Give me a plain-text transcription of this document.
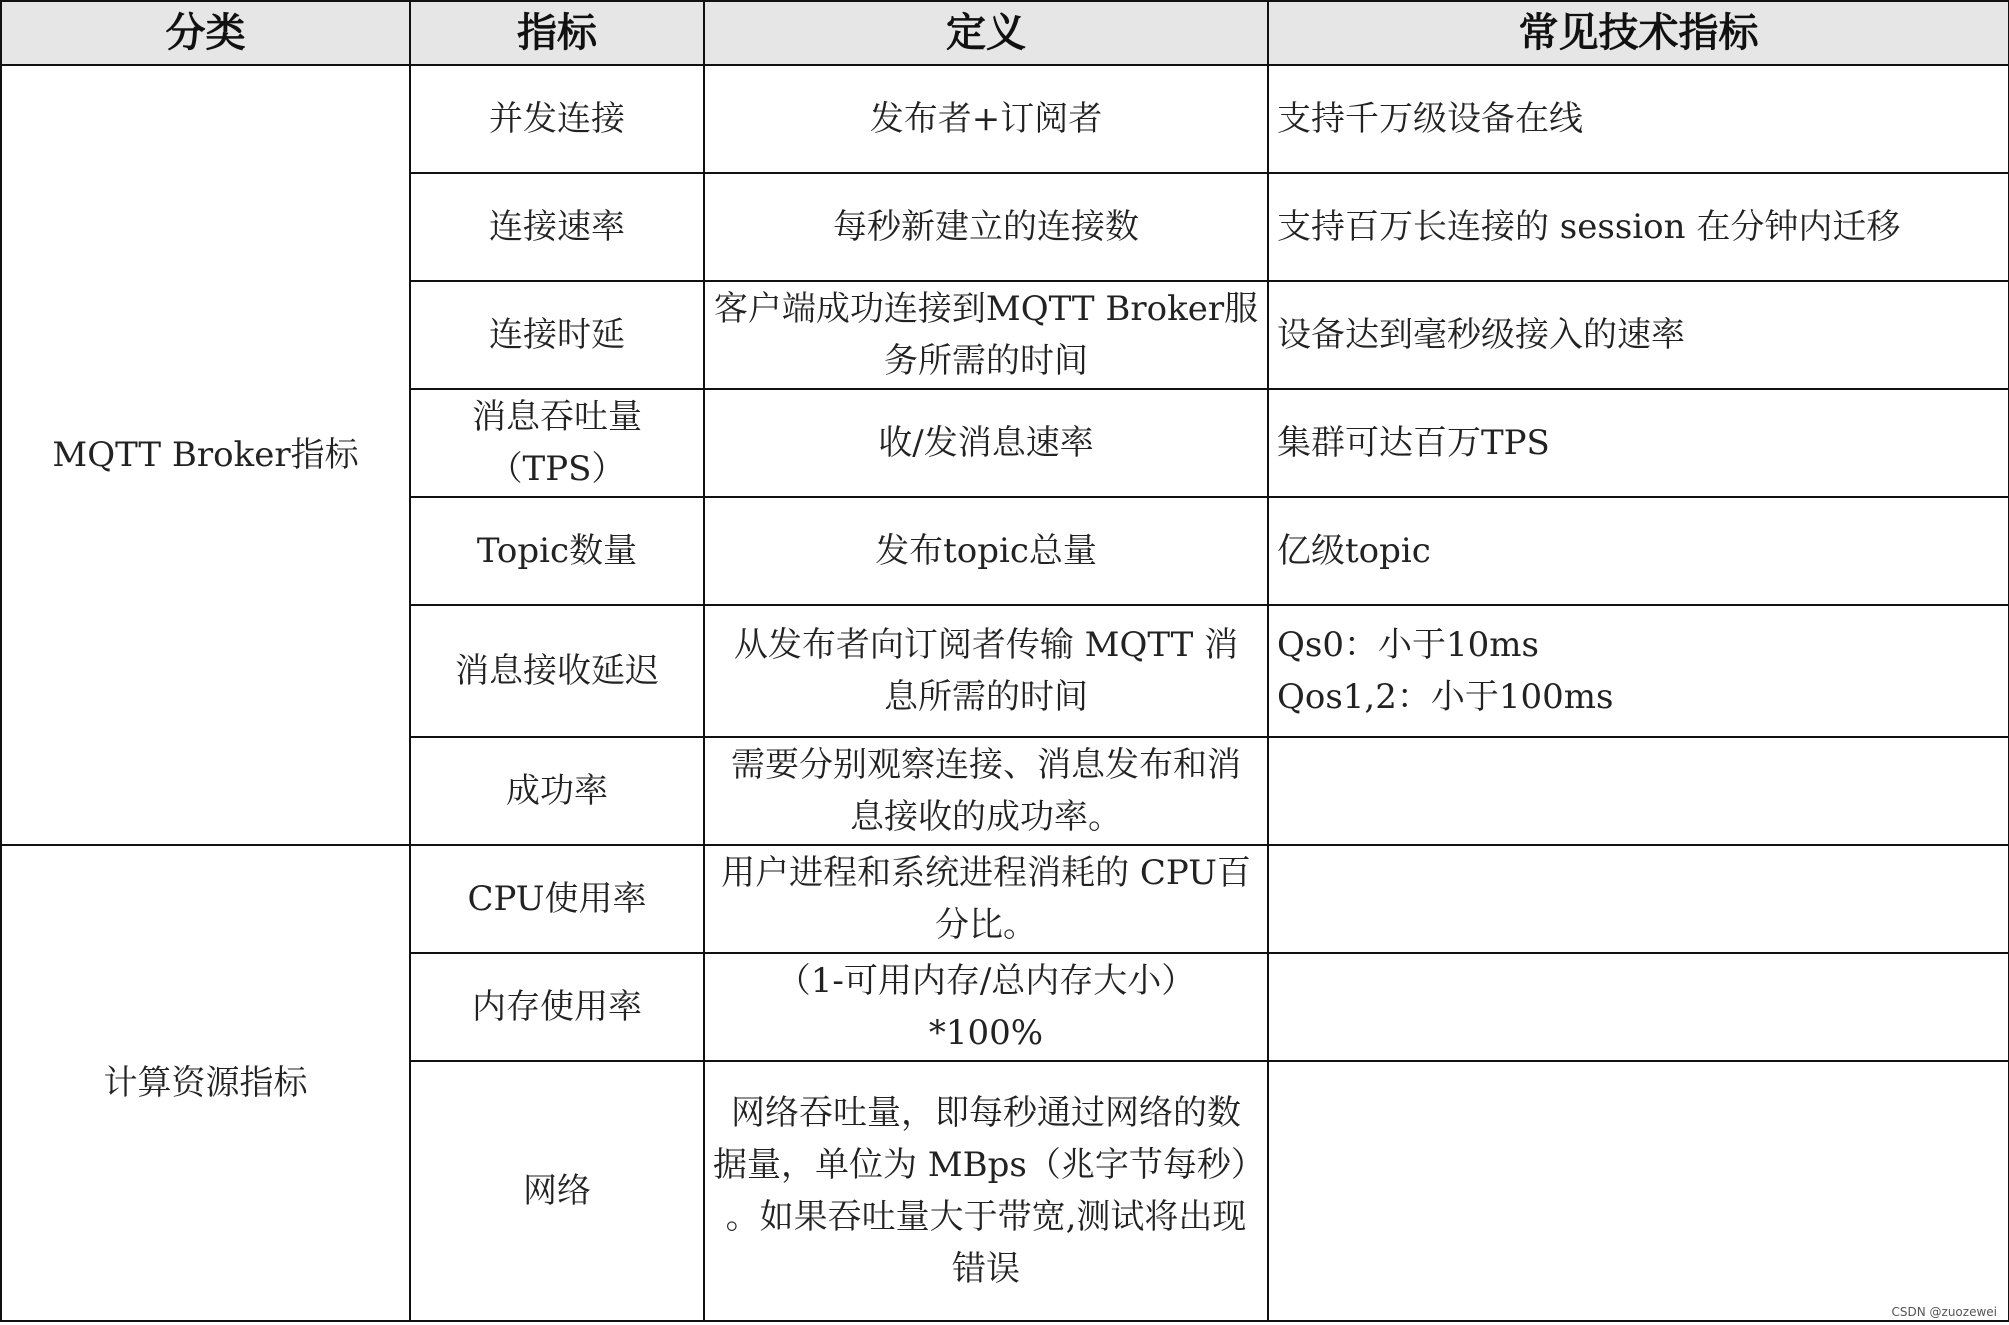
分类	指标	定义	常见技术指标
MQTT Broker指标	并发连接	发布者+订阅者	支持千万级设备在线

	连接速率	每秒新建立的连接数	支持百万长连接的 session 在分钟内迁移

	连接时延	客户端成功连接到MQTT Broker服
务所需的时间	设备达到毫秒级接入的速率

	消息吞吐量
（TPS）	收/发消息速率	集群可达百万TPS

	Topic数量	发布topic总量	亿级topic

	消息接收延迟	从发布者向订阅者传输 MQTT 消
息所需的时间	Qs0：小于10ms
Qos1,2：小于100ms

	成功率	需要分别观察连接、消息发布和消
息接收的成功率。	

计算资源指标	CPU使用率	用户进程和系统进程消耗的 CPU百
分比。	

	内存使用率	（1-可用内存/总内存大小）
*100%	

	网络	网络吞吐量，即每秒通过网络的数
据量，单位为 MBps（兆字节每秒）
。如果吞吐量大于带宽,测试将出现
错误	

CSDN @zuozewei
